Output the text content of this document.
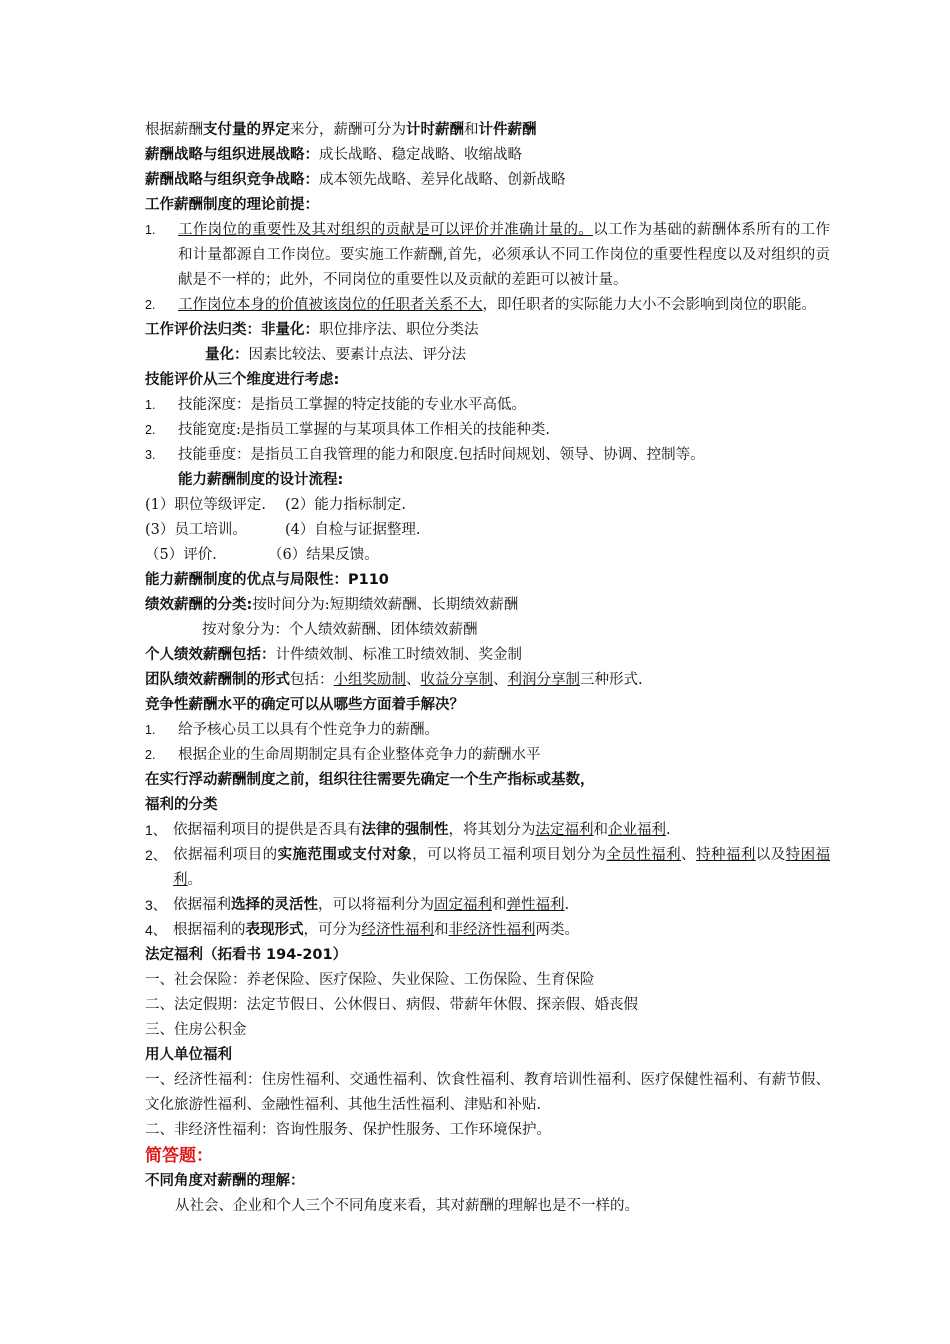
根据薪酬支付量的界定来分，薪酬可分为计时薪酬和计件薪酬
薪酬战略与组织进展战略：成长战略、稳定战略、收缩战略
薪酬战略与组织竞争战略：成本领先战略、差异化战略、创新战略
工作薪酬制度的理论前提：
1.	工作岗位的重要性及其对组织的贡献是可以评价并准确计量的。以工作为基础的薪酬体系所有的工作和计量都源自工作岗位。要实施工作薪酬,首先，必须承认不同工作岗位的重要性程度以及对组织的贡献是不一样的；此外，不同岗位的重要性以及贡献的差距可以被计量。
2.	工作岗位本身的价值被该岗位的任职者关系不大，即任职者的实际能力大小不会影响到岗位的职能。
工作评价法归类：非量化：职位排序法、职位分类法
量化：因素比较法、要素计点法、评分法
技能评价从三个维度进行考虑:
1.	技能深度：是指员工掌握的特定技能的专业水平高低。
2.	技能宽度:是指员工掌握的与某项具体工作相关的技能种类.
3.	技能垂度：是指员工自我管理的能力和限度.包括时间规划、领导、协调、控制等。
能力薪酬制度的设计流程:
(1）职位等级评定. (2）能力指标制定.
(3）员工培训。	(4）自检与证据整理.
（5）评价.	（6）结果反馈。
能力薪酬制度的优点与局限性：P110
绩效薪酬的分类:按时间分为:短期绩效薪酬、长期绩效薪酬
按对象分为：个人绩效薪酬、团体绩效薪酬
个人绩效薪酬包括：计件绩效制、标准工时绩效制、奖金制
团队绩效薪酬制的形式包括：小组奖励制、收益分享制、利润分享制三种形式.
竞争性薪酬水平的确定可以从哪些方面着手解决？
1.	给予核心员工以具有个性竞争力的薪酬。
2.	根据企业的生命周期制定具有企业整体竞争力的薪酬水平
在实行浮动薪酬制度之前，组织往往需要先确定一个生产指标或基数，
福利的分类
1、 依据福利项目的提供是否具有法律的强制性，将其划分为法定福利和企业福利.
2、 依据福利项目的实施范围或支付对象，可以将员工福利项目划分为全员性福利、特种福利以及特困福利。
3、 依据福利选择的灵活性，可以将福利分为固定福利和弹性福利.
4、 根据福利的表现形式，可分为经济性福利和非经济性福利两类。
法定福利（拓看书 194-201）
一、社会保险：养老保险、医疗保险、失业保险、工伤保险、生育保险
二、法定假期：法定节假日、公休假日、病假、带薪年休假、探亲假、婚丧假
三、住房公积金
用人单位福利
一、经济性福利：住房性福利、交通性福利、饮食性福利、教育培训性福利、医疗保健性福利、有薪节假、文化旅游性福利、金融性福利、其他生活性福利、津贴和补贴.
二、非经济性福利：咨询性服务、保护性服务、工作环境保护。
简答题：
不同角度对薪酬的理解：
从社会、企业和个人三个不同角度来看，其对薪酬的理解也是不一样的。
